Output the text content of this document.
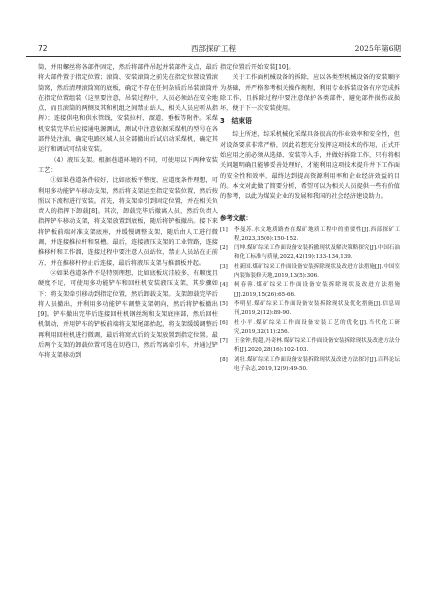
72	西部探矿工程	2025年第6期

筒，并用螺丝将各部件固定，然后将部件吊起并装部件支点，最后将大部件置于指定位置；滚筒、安装滚筒之前先在指定位置设置滚筒窝，然后清理滚筒窝的底板，确定不存在任何杂质后吊装滚筒并在指定位置组装（这里要注意，吊装过程中，人员必须站在安全地点，而且滚筒的两侧及其和机组之间禁止站人，相关人员应听从指挥）；连接供电和供水管线，安装拉杆、溜道、垂板等附件。采煤机安装完毕后应接通电源测试，测试中注意依据采煤机的型号在各部件处注油，确定电路区域人员全部撤出后试启动采煤机，确定其运行和调试可结束安装。

（4）液压支架。根据巷道环境的不同，可使用以下两种安装工艺：

①如果巷道条件较好，比如底板平整度、应道度条件理想，可利用多功能铲车移动支架，然后将支架运至指定安装位置，然后按照以下流程进行安装。首先，将支架牵引到固定位置，并在相关负责人的指挥下卸载[8]。其次，卸载完毕后撤离人员，然后负责人指挥铲车移动支架，将支架放置到底板，随后将铲板撤出。接下来将铲板前端对准支架底座，并缓慢调整支架，随后由人工进行微调，并连接推拉杆和泵槽。最后，连接液压支架的工业管路，连接推移杆和工作溜，连接过程中要注意人员站位，禁止人员站在正前方，并在推移杆停止后连接，最后将液压支架与推溜板并起。

②如果巷道条件不是特别理想，比如底板坑洼较多，有顺度且硬度不足，可使用多功能铲车和回柱机安装液压支架，其步骤如下：将支架牵引移动到指定位置，然后卸载支架。支架卸载完毕后将人员撤出，并利用多功能铲车调整支架朝向，然后将铲板撤出[9]。铲车撤出完毕后连接回柱机钢丝绳和支架底座部，然后回柱机制动，并用铲车的铲板前端将支架尾部抬起，将支架缓缓调整后再利用回柱机进行微调，最后将窝式后的支架放置到指定位置。最后两个支架的卸载位置可选在切巷口，然后驾离牵引车，并通过铲车将支架移动到

指定位置后开始安装[10]。

关于工作面机械设备的拆除，应以各类型机械设备的安装顺序为基础，并严格参考相关操作规程，利用专业拆装设备有序完成拆除工作，且拆除过程中要注意保护各类部件，避免部件损伤或损坏，便于下一次安装使用。

3　结束语

综上所述，综采机械化采煤具备很高的作业效率和安全性，但对设备要求非常严格，因此若想充分发挥这项技术的作用，正式开始应用之前必须从选择、安装等入手，并做好拆除工作，只有将相关问题明确且能够妥善处理好，才能利用这项技术提升井下工作面的安全性和效率，最终达到提高资源利用率和企业经济效益的目的。本文对此做了简要分析，希望可以为相关人员提供一些有价值的参考，以此为煤炭企业的发展和我国的社会经济建设助力。

参考文献：
[1] 李曼苏.水文地质路查在煤矿地质工程中的重要性[J].西部探矿工程,2023,35(6):150-152.
[2] 闫坤.煤矿综采工作面设备安装拆撤现状及解决策略探究[J].中国石油和化工标准与质量,2022,42(19):133-134,139.
[3] 杜新国.煤矿综采工作面设备安装拆除现状及改进方法措施[J].中国室内装饰装修天地,2019,13(5):306.
[4] 柯春蓉.煤矿综采工作面设备安装拆除现状及改进方法措施[J].2019,15(26):65-66.
[5] 李明星.煤矿综采工作面设备安装拆除现状及优化措施[J].信息周刊,2019,2(12):89-90.
[6] 杜小平.煤矿综采工作面设备安装工艺的优化[J].当代化工研究,2019,32(11):256.
[7] 王金钟,倪超,冯奇林.煤矿综采工作面设备安装拆除现状及改进方法分析[J].2020,28(16):102-103.
[8] 刘壮.煤矿综采工作面设备安装拆除现状及改进方法探讨[J].百科论坛电子杂志,2019,12(9):49-50.
